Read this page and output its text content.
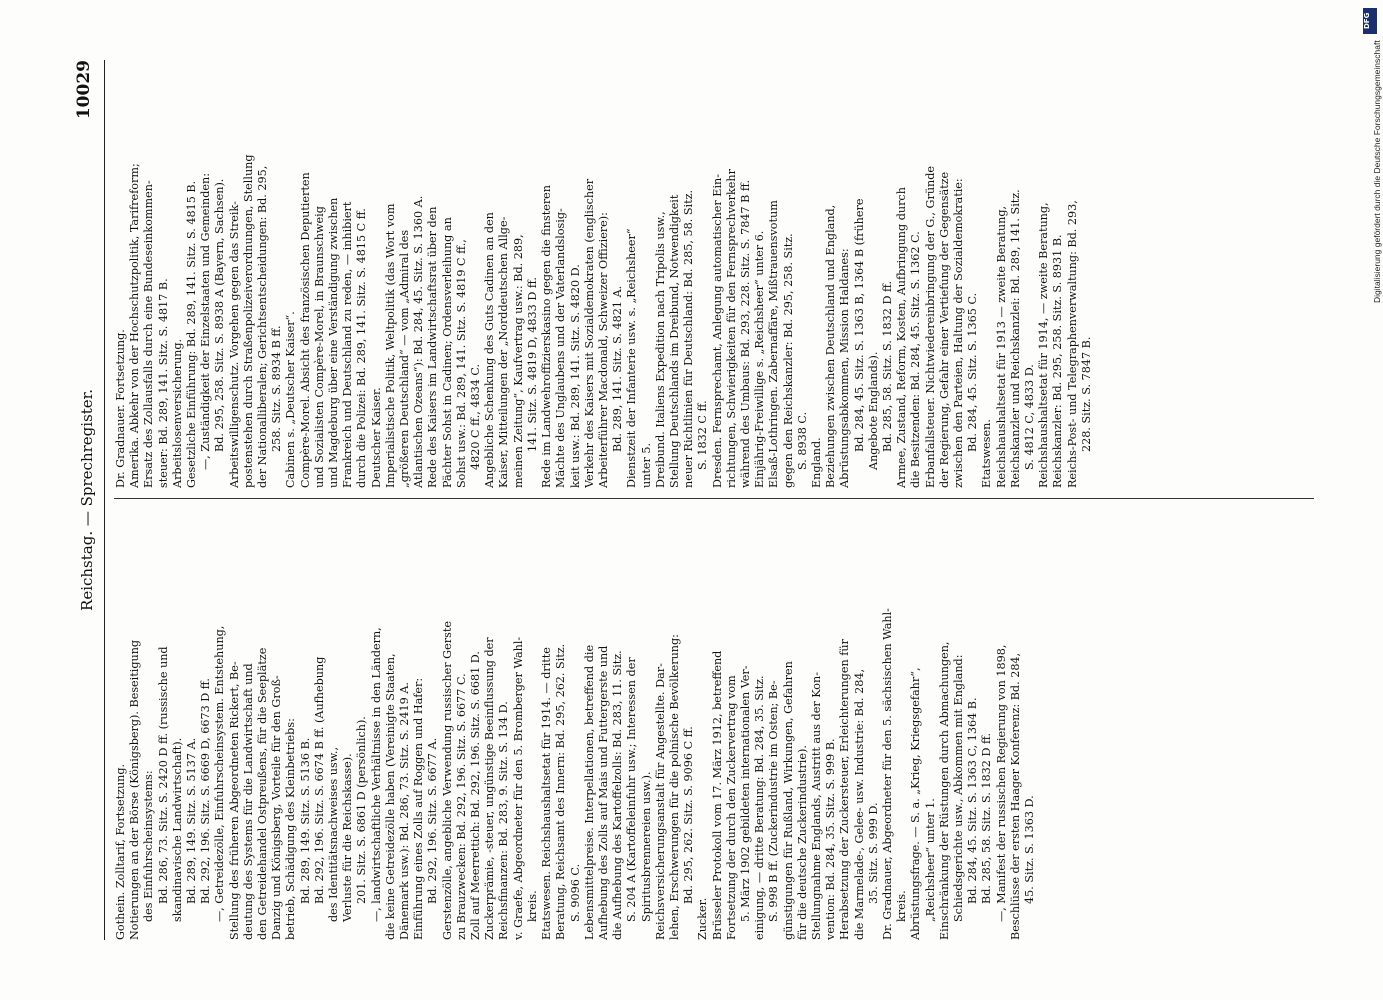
Reichstag. — Sprechregister.
10029
Gothein. Zolltarif, Fortsetzung. Notierungen an der Börse (Königsberg). Beseitigung des Einfuhrscheinsystems: Bd. 286, 73. Sitz. S. 2420 D ff. (russische und skandinavische Landwirtschaft). Bd. 289, 149. Sitz. S. 5137 A. Bd. 292, 196. Sitz. S. 6669 D, 6673 D ff. —, Getreidezölle, Einfuhrscheinsystem. Entstehung, Stellung des früheren Abgeordneten Rickert, Be- deutung des Systems für die Landwirtschaft und den Getreidehandel Ostpreußens, für die Seeplätze Danzig und Königsberg, Vorteile für den Groß- betrieb, Schädigung des Kleinbetriebs: Bd. 289, 149. Sitz. S. 5136 B. Bd. 292, 196. Sitz. S. 6674 B ff. (Aufhebung des Identitätsnachweises usw., Verluste für die Reichskasse). 201. Sitz. S. 6861 D (persönlich). —, landwirtschaftliche Verhältnisse in den Ländern, die keine Getreidezölle haben (Vereinigte Staaten, Dänemark usw.): Bd. 286, 73. Sitz. S. 2419 A. Einführung eines Zolls auf Roggen und Hafer: Bd. 292, 196. Sitz. S. 6677 A. Gerstenzölle, angebliche Verwendung russischer Gerste zu Brauzwecken: Bd. 292, 196. Sitz. S. 6677 C. Zoll auf Meerrettich: Bd. 292, 196. Sitz. S. 6681 D. Zuckerprämie, -steuer, ungünstige Beeinflussung der Reichsfinanzen: Bd. 283, 9. Sitz. S. 134 D. v. Graefe, Abgeordneter für den 5. Bromberger Wahl- kreis. Etatswesen. Reichshaushaltsetat für 1914. — dritte Beratung, Reichsamt des Innern: Bd. 295, 262. Sitz. S. 9096 C. Lebensmittelpreise. Interpellationen, betreffend die Aufhebung des Zolls auf Mais und Futtergerste und die Aufhebung des Kartoffelzolls: Bd. 283, 11. Sitz. S. 204 A (Kartoffeleinfuhr usw.; Interessen der Spiritusbrennereien usw.). Reichsversicherungsanstalt für Angestellte. Dar- lehen, Erschwerungen für die polnische Bevölkerung: Bd. 295, 262. Sitz. S. 9096 C ff.
Zucker. Brüsseler Protokoll vom 17. März 1912, betreffend Fortsetzung der durch den Zuckervertrag vom 5. März 1902 gebildeten internationalen Ver- einigung, — dritte Beratung: Bd. 284, 35. Sitz. S. 998 B ff. (Zuckerindustrie im Osten; Be- günstigungen für Rußland, Wirkungen, Gefahren für die deutsche Zuckerindustrie). Stellungnahme Englands, Austritt aus der Kon- vention: Bd. 284, 35. Sitz. S. 999 B. Herabsetzung der Zuckersteuer, Erleichterungen für die Marmelade-, Gelee- usw. Industrie: Bd. 284, 35. Sitz. S. 999 D. Dr. Gradnauer, Abgeordneter für den 5. sächsischen Wahl- kreis. Abrüstungsfrage. — S. a. „Krieg, Kriegsgefahr“, „Reichsheer“ unter 1. Einschränkung der Rüstungen durch Abmachungen, Schiedsgerichte usw., Abkommen mit England: Bd. 284, 45. Sitz. S. 1363 C, 1364 B. Bd. 285, 58. Sitz. S. 1832 D ff. —, Manifest der russischen Regierung von 1898, Beschlüsse der ersten Haager Konferenz: Bd. 284, 45. Sitz. S. 1363 D.
Dr. Gradnauer. Fortsetzung. Amerika. Abkehr von der Hochschutzpolitik, Tarifreform; Ersatz des Zollausfalls durch eine Bundeseinkommen- steuer: Bd. 289, 141. Sitz. S. 4817 B. Arbeitslosenversicherung. Gesetzliche Einführung: Bd. 289, 141. Sitz. S. 4815 B. —, Zuständigkeit der Einzelstaaten und Gemeinden: Bd. 295, 258. Sitz. S. 8938 A (Bayern, Sachsen). Arbeitswilligenschutz. Vorgehen gegen das Streik- postenstehen durch Straßenpolizeiverordnungen, Stellung der Nationalliberalen; Gerichtsentscheidungen: Bd. 295, 258. Sitz. S. 8934 B ff. Cabinen s. „Deutscher Kaiser“. Compère-Morel. Absicht des französischen Deputierten und Sozialisten Compère-Morel, in Braunschweig und Magdeburg über eine Verständigung zwischen Frankreich und Deutschland zu reden, — inhibiert durch die Polizei: Bd. 289, 141. Sitz. S. 4815 C ff. Deutscher Kaiser. Imperialistische Politik, Weltpolitik (das Wort vom „größeren Deutschland“ — vom „Admiral des Atlantischen Ozeans“): Bd. 284, 45. Sitz. S. 1360 A. Rede des Kaisers im Landwirtschaftsrat über den Pächter Sohst in Cadinen; Ordensverleihung an Sohst usw.: Bd. 289, 141. Sitz. S. 4819 C ff., 4820 C ff., 4834 C. Angebliche Schenkung des Guts Cadinen an den Kaiser, Mitteilungen der „Norddeutschen Allge- meinen Zeitung“, Kaufvertrag usw.: Bd. 289, 141. Sitz. S. 4819 D, 4833 D ff. Rede im Landwehroffizierskasino gegen die finsteren Mächte des Unglaubens und der Vaterlandslosig- keit usw.: Bd. 289, 141. Sitz. S. 4820 D. Verkehr des Kaisers mit Sozialdemokraten (englischer Arbeiterführer Macdonald, Schweizer Offiziere): Bd. 289, 141. Sitz. S. 4821 A. Dienstzeit der Infanterie usw. s. „Reichsheer“ unter 5. Dreibund. Italiens Expedition nach Tripolis usw., Stellung Deutschlands im Dreibund, Notwendigkeit neuer Richtlinien für Deutschland: Bd. 285, 58. Sitz. S. 1832 C ff. Dresden. Fernsprechamt, Anlegung automatischer Ein- richtungen, Schwierigkeiten für den Fernsprechverkehr während des Umbaus: Bd. 293, 228. Sitz. S. 7847 B ff. Einjährig-Freiwillige s. „Reichsheer“ unter 6. Elsaß-Lothringen. Zabernaffäre, Mißtrauensvotum gegen den Reichskanzler: Bd. 295, 258. Sitz. S. 8938 C. England. Beziehungen zwischen Deutschland und England, Abrüstungsabkommen, Mission Haldanes: Bd. 284, 45. Sitz. S. 1363 B, 1364 B (frühere Angebote Englands). Bd. 285, 58. Sitz. S. 1832 D ff. Armee, Zustand, Reform, Kosten, Aufbringung durch die Besitzenden: Bd. 284, 45. Sitz. S. 1362 C. Erbanfallsteuer. Nichtwiedereinbringung der G., Gründe der Regierung, Gefahr einer Vertiefung der Gegensätze zwischen den Parteien, Haltung der Sozialdemokratie: Bd. 284, 45. Sitz. S. 1365 C.
Etatswesen. Reichshaushaltsetat für 1913 — zweite Beratung, Reichskanzler und Reichskanzlei: Bd. 289, 141. Sitz. S. 4812 C, 4833 D. Reichshaushaltsetat für 1914, — zweite Beratung, Reichskanzler: Bd. 295, 258. Sitz. S. 8931 B. Reichs-Post- und Telegraphenverwaltung: Bd. 293, 228. Sitz. S. 7847 B.
DFG
Digitalisierung gefördert durch die Deutsche Forschungsgemeinschaft
